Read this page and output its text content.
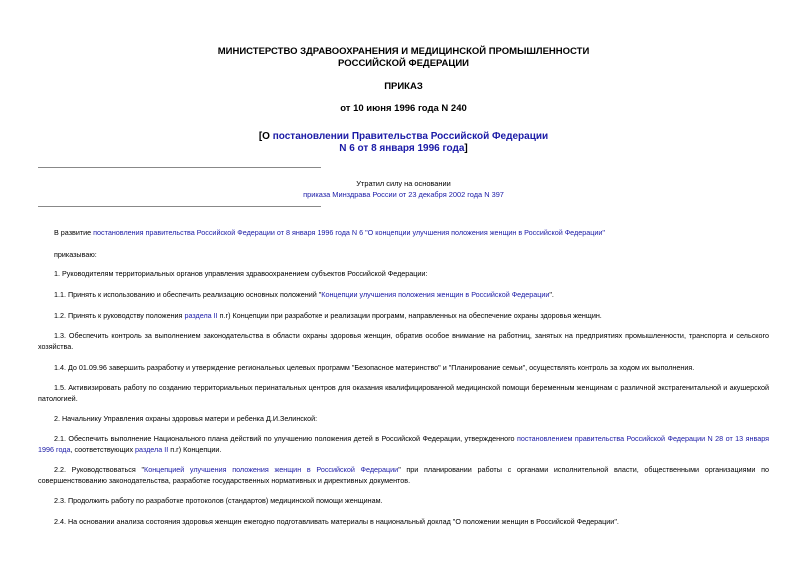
МИНИСТЕРСТВО ЗДРАВООХРАНЕНИЯ И МЕДИЦИНСКОЙ ПРОМЫШЛЕННОСТИ
РОССИЙСКОЙ ФЕДЕРАЦИИ
ПРИКАЗ
от 10 июня 1996 года N 240
[О постановлении Правительства Российской Федерации
N 6 от 8 января 1996 года]
Утратил силу на основании
приказа Минздрава России от 23 декабря 2002 года N 397

В развитие постановления правительства Российской Федерации от 8 января 1996 года N 6 "О концепции улучшения положения женщин в Российской Федерации"

приказываю:

1. Руководителям территориальных органов управления здравоохранением субъектов Российской Федерации:

1.1. Принять к использованию и обеспечить реализацию основных положений "Концепции улучшения положения женщин в Российской Федерации".

1.2. Принять к руководству положения раздела II п.г) Концепции при разработке и реализации программ, направленных на обеспечение охраны здоровья женщин.

1.3. Обеспечить контроль за выполнением законодательства в области охраны здоровья женщин, обратив особое внимание на работниц, занятых на предприятиях промышленности, транспорта и сельского хозяйства.

1.4. До 01.09.96 завершить разработку и утверждение региональных целевых программ "Безопасное материнство" и "Планирование семьи", осуществлять контроль за ходом их выполнения.

1.5. Активизировать работу по созданию территориальных перинатальных центров для оказания квалифицированной медицинской помощи беременным женщинам с различной экстрагенитальной и акушерской патологией.

2. Начальнику Управления охраны здоровья матери и ребенка Д.И.Зелинской:

2.1. Обеспечить выполнение Национального плана действий по улучшению положения детей в Российской Федерации, утвержденного постановлением правительства Российской Федерации N 28 от 13 января 1996 года, соответствующих раздела II п.г) Концепции.

2.2. Руководствоваться "Концепцией улучшения положения женщин в Российской Федерации" при планировании работы с органами исполнительной власти, общественными организациями по совершенствованию законодательства, разработке государственных нормативных и директивных документов.

2.3. Продолжить работу по разработке протоколов (стандартов) медицинской помощи женщинам.

2.4. На основании анализа состояния здоровья женщин ежегодно подготавливать материалы в национальный доклад "О положении женщин в Российской Федерации".
